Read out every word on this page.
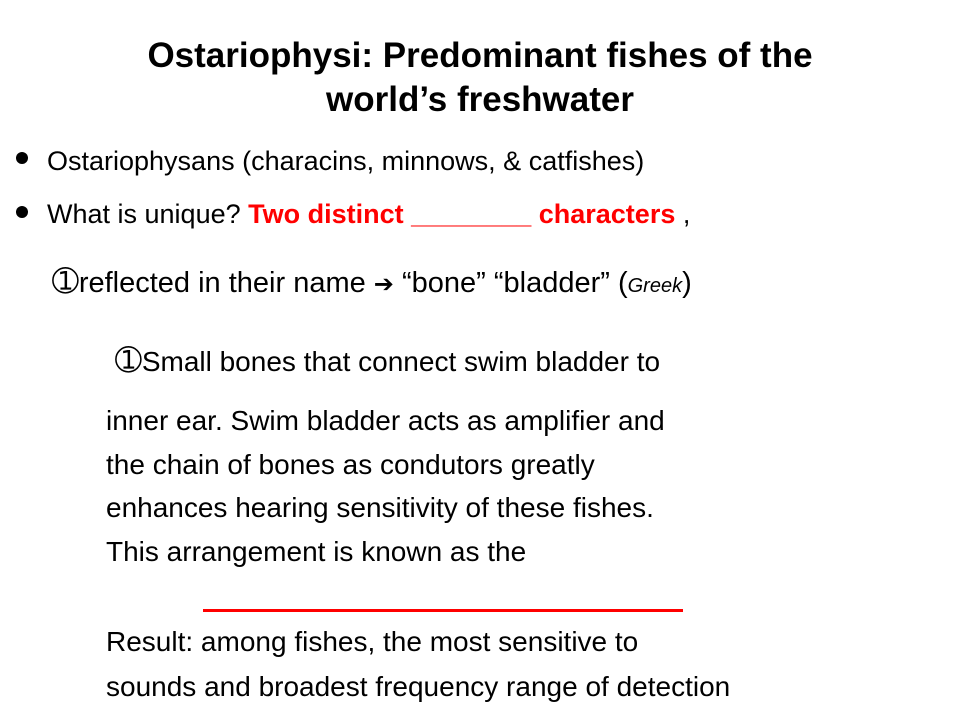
Ostariophysi: Predominant fishes of the
world’s freshwater
Ostariophysans (characins, minnows, & catfishes)
What is unique? Two distinct ________ characters ,
➀reflected in their name ➔ “bone” “bladder” (Greek)
➀Small bones that connect swim bladder to
inner ear. Swim bladder acts as amplifier and
the chain of bones as condutors greatly
enhances hearing sensitivity of these fishes.
This arrangement is known as the
Result: among fishes, the most sensitive to
sounds and broadest frequency range of detection
